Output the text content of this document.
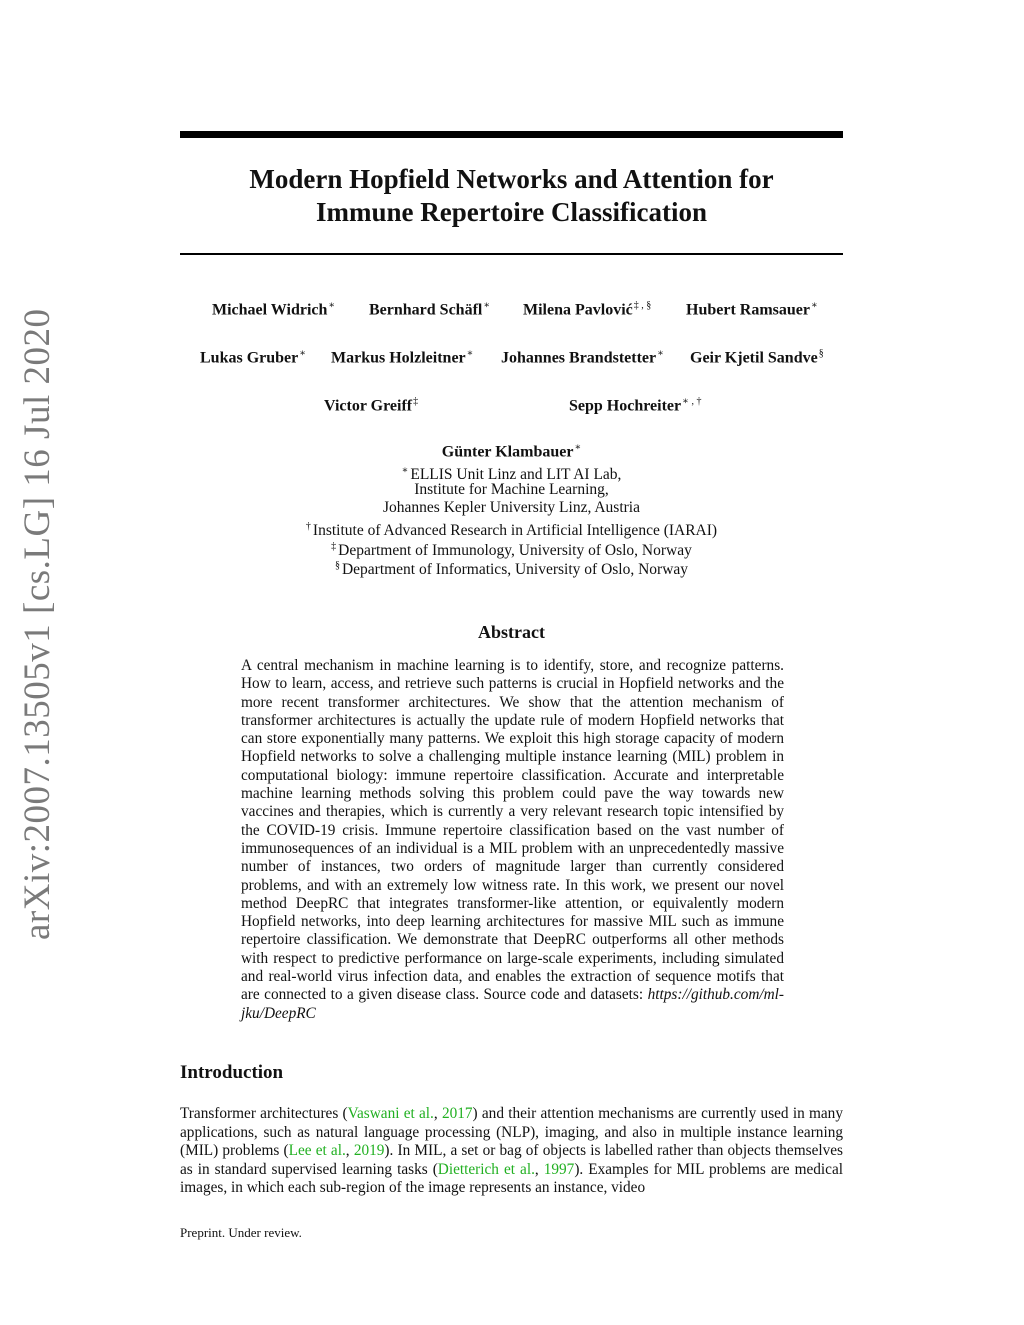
arXiv:2007.13505v1 [cs.LG] 16 Jul 2020
Modern Hopfield Networks and Attention for
Immune Repertoire Classification
Michael Widrich∗ Bernhard Schäfl∗ Milena Pavlović‡ , § Hubert Ramsauer∗
Lukas Gruber∗ Markus Holzleitner∗ Johannes Brandstetter∗ Geir Kjetil Sandve§
Victor Greiff‡	Sepp Hochreiter∗ , †
Günter Klambauer∗
∗ ELLIS Unit Linz and LIT AI Lab,
Institute for Machine Learning,
Johannes Kepler University Linz, Austria
† Institute of Advanced Research in Artificial Intelligence (IARAI)
‡ Department of Immunology, University of Oslo, Norway
§ Department of Informatics, University of Oslo, Norway
Abstract
A central mechanism in machine learning is to identify, store, and recognize patterns. How to learn, access, and retrieve such patterns is crucial in Hopfield networks and the more recent transformer architectures. We show that the attention mechanism of transformer architectures is actually the update rule of modern Hopfield networks that can store exponentially many patterns. We exploit this high storage capacity of modern Hopfield networks to solve a challenging multiple instance learning (MIL) problem in computational biology: immune repertoire classification. Accurate and interpretable machine learning methods solving this problem could pave the way towards new vaccines and therapies, which is currently a very relevant research topic intensified by the COVID-19 crisis. Immune repertoire classification based on the vast number of immunosequences of an individual is a MIL problem with an unprecedentedly massive number of instances, two orders of magnitude larger than currently considered problems, and with an extremely low witness rate. In this work, we present our novel method DeepRC that integrates transformer-like attention, or equivalently modern Hopfield networks, into deep learning architectures for massive MIL such as immune repertoire classification. We demonstrate that DeepRC outperforms all other methods with respect to predictive performance on large-scale experiments, including simulated and real-world virus infection data, and enables the extraction of sequence motifs that are connected to a given disease class. Source code and datasets: https://github.com/ml-jku/DeepRC
Introduction
Transformer architectures (Vaswani et al., 2017) and their attention mechanisms are currently used in many applications, such as natural language processing (NLP), imaging, and also in multiple instance learning (MIL) problems (Lee et al., 2019). In MIL, a set or bag of objects is labelled rather than objects themselves as in standard supervised learning tasks (Dietterich et al., 1997). Examples for MIL problems are medical images, in which each sub-region of the image represents an instance, video
Preprint. Under review.
